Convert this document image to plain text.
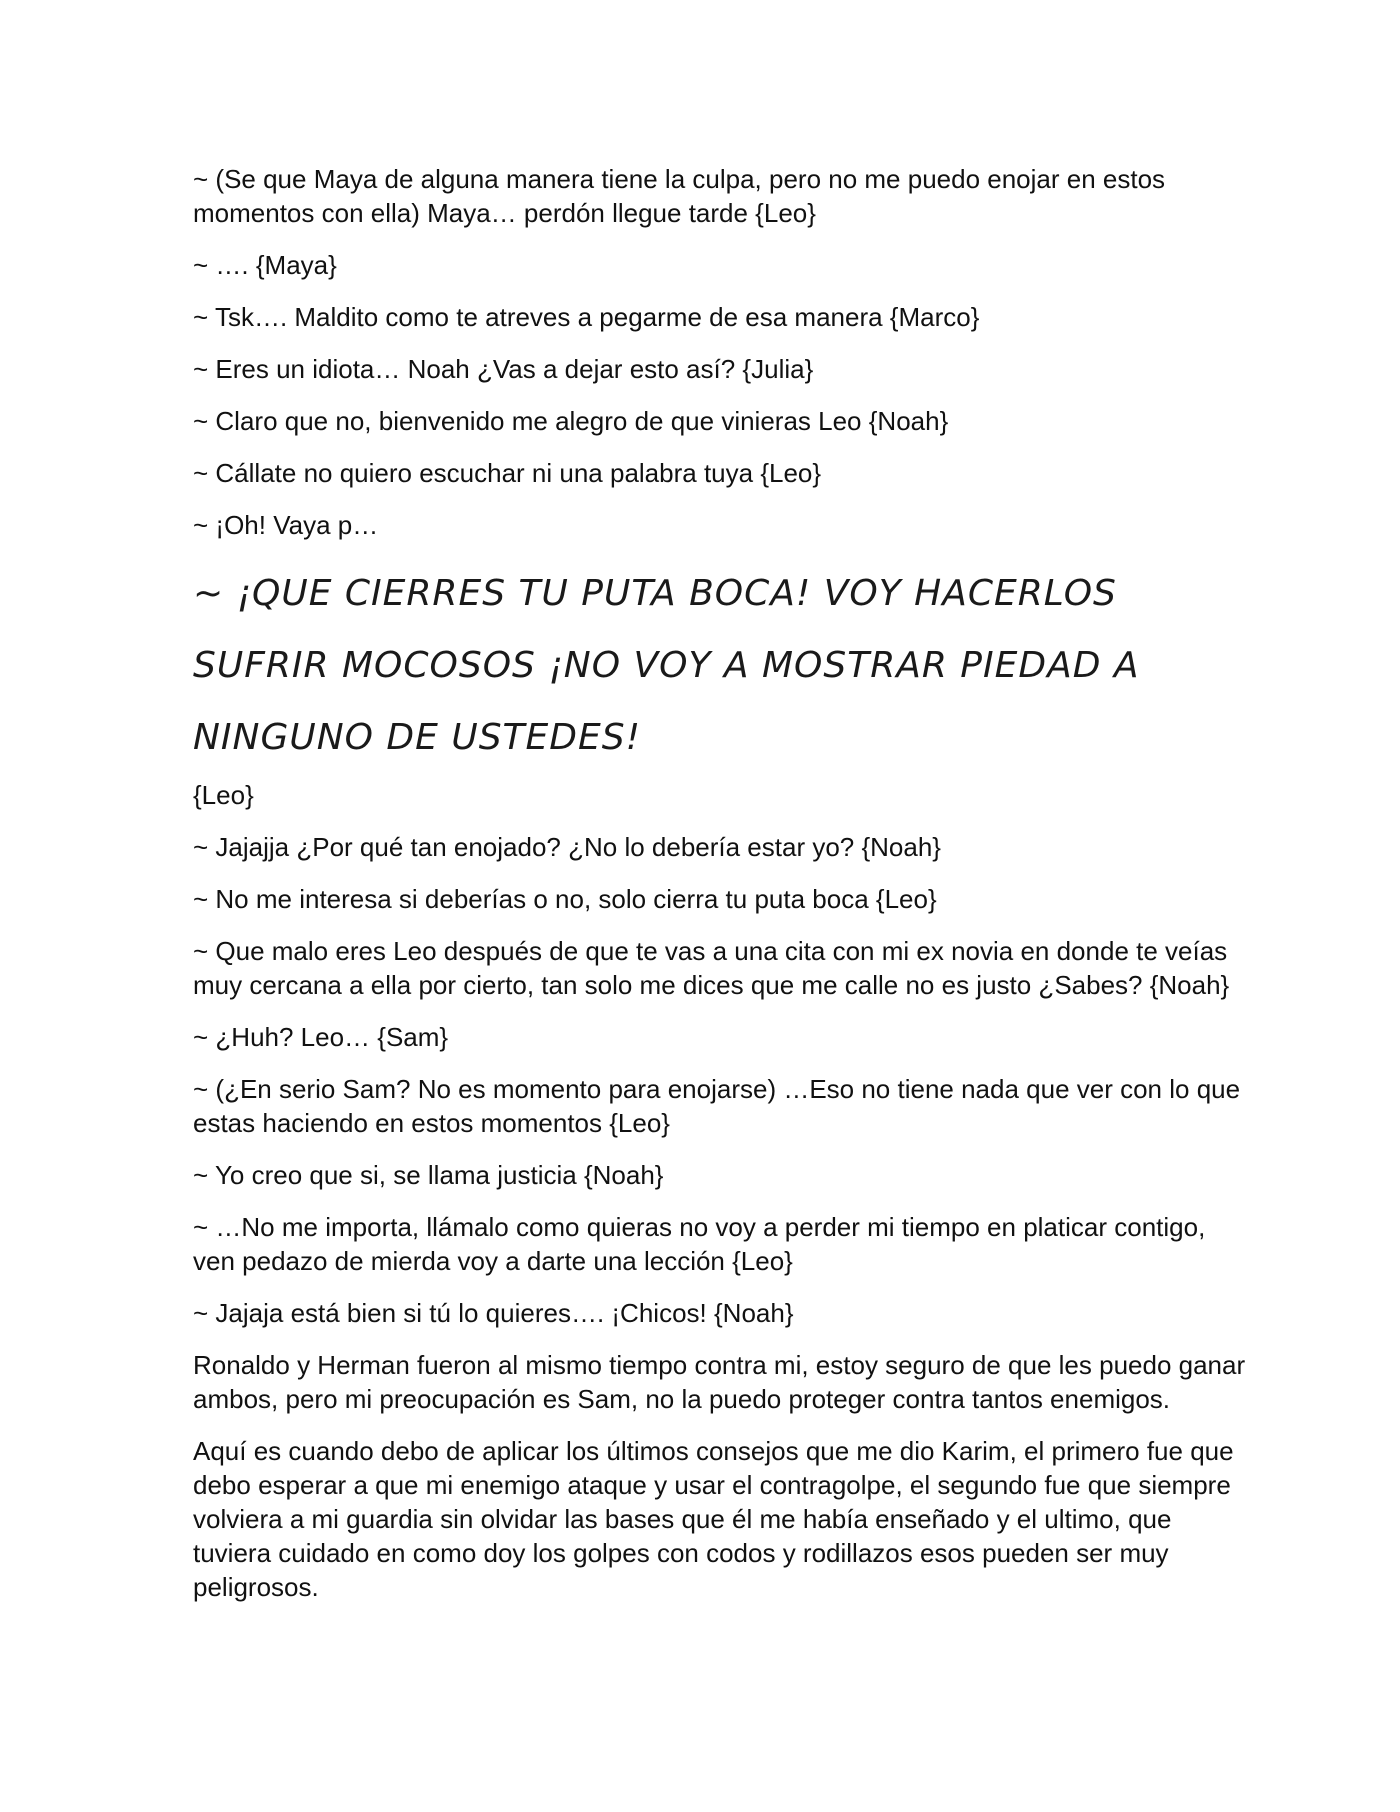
~ (Se que Maya de alguna manera tiene la culpa, pero no me puedo enojar en estos momentos con ella) Maya… perdón llegue tarde {Leo}

~ …. {Maya}

~ Tsk…. Maldito como te atreves a pegarme de esa manera {Marco}

~ Eres un idiota… Noah ¿Vas a dejar esto así? {Julia}

~ Claro que no, bienvenido me alegro de que vinieras Leo {Noah}

~ Cállate no quiero escuchar ni una palabra tuya {Leo}

~ ¡Oh! Vaya p…

~ ¡QUE CIERRES TU PUTA BOCA! VOY HACERLOS SUFRIR MOCOSOS ¡NO VOY A MOSTRAR PIEDAD A NINGUNO DE USTEDES!

{Leo}

~ Jajajja ¿Por qué tan enojado? ¿No lo debería estar yo? {Noah}

~ No me interesa si deberías o no, solo cierra tu puta boca {Leo}

~ Que malo eres Leo después de que te vas a una cita con mi ex novia en donde te veías muy cercana a ella por cierto, tan solo me dices que me calle no es justo ¿Sabes? {Noah}

~ ¿Huh? Leo… {Sam}

~ (¿En serio Sam? No es momento para enojarse) …Eso no tiene nada que ver con lo que estas haciendo en estos momentos {Leo}

~ Yo creo que si, se llama justicia {Noah}

~ …No me importa, llámalo como quieras no voy a perder mi tiempo en platicar contigo, ven pedazo de mierda voy a darte una lección {Leo}

~ Jajaja está bien si tú lo quieres…. ¡Chicos! {Noah}

Ronaldo y Herman fueron al mismo tiempo contra mi, estoy seguro de que les puedo ganar ambos, pero mi preocupación es Sam, no la puedo proteger contra tantos enemigos.

Aquí es cuando debo de aplicar los últimos consejos que me dio Karim, el primero fue que debo esperar a que mi enemigo ataque y usar el contragolpe, el segundo fue que siempre volviera a mi guardia sin olvidar las bases que él me había enseñado y el ultimo, que tuviera cuidado en como doy los golpes con codos y rodillazos esos pueden ser muy peligrosos.
